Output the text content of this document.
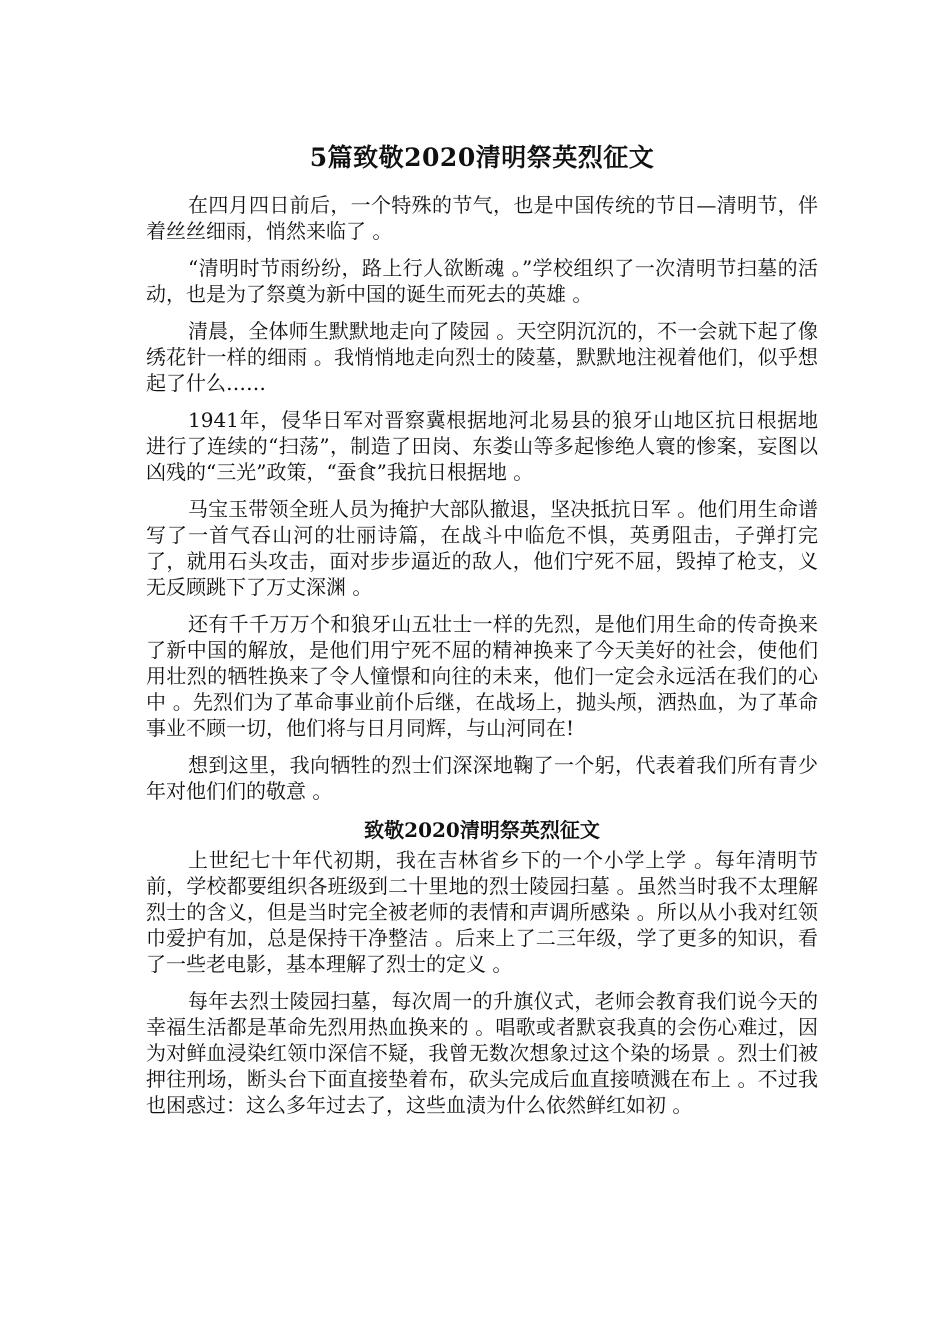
5篇致敬2020清明祭英烈征文

在四月四日前后，一个特殊的节气，也是中国传统的节日—清明节，伴着丝丝细雨，悄然来临了 。

“清明时节雨纷纷，路上行人欲断魂 。”学校组织了一次清明节扫墓的活动，也是为了祭奠为新中国的诞生而死去的英雄 。

清晨，全体师生默默地走向了陵园 。天空阴沉沉的，不一会就下起了像绣花针一样的细雨 。我悄悄地走向烈士的陵墓，默默地注视着他们，似乎想起了什么……

1941年，侵华日军对晋察冀根据地河北易县的狼牙山地区抗日根据地进行了连续的“扫荡”，制造了田岗、东娄山等多起惨绝人寰的惨案，妄图以凶残的“三光”政策，“蚕食”我抗日根据地 。

马宝玉带领全班人员为掩护大部队撤退，坚决抵抗日军 。他们用生命谱写了一首气吞山河的壮丽诗篇，在战斗中临危不惧，英勇阻击，子弹打完了，就用石头攻击，面对步步逼近的敌人，他们宁死不屈，毁掉了枪支，义无反顾跳下了万丈深渊 。

还有千千万万个和狼牙山五壮士一样的先烈，是他们用生命的传奇换来了新中国的解放，是他们用宁死不屈的精神换来了今天美好的社会，使他们用壮烈的牺牲换来了令人憧憬和向往的未来，他们一定会永远活在我们的心中 。先烈们为了革命事业前仆后继，在战场上，抛头颅，洒热血，为了革命事业不顾一切，他们将与日月同辉，与山河同在!

想到这里，我向牺牲的烈士们深深地鞠了一个躬，代表着我们所有青少年对他们们的敬意 。

致敬2020清明祭英烈征文

上世纪七十年代初期，我在吉林省乡下的一个小学上学 。每年清明节前，学校都要组织各班级到二十里地的烈士陵园扫墓 。虽然当时我不太理解烈士的含义，但是当时完全被老师的表情和声调所感染 。所以从小我对红领巾爱护有加，总是保持干净整洁 。后来上了二三年级，学了更多的知识，看了一些老电影，基本理解了烈士的定义 。

每年去烈士陵园扫墓，每次周一的升旗仪式，老师会教育我们说今天的幸福生活都是革命先烈用热血换来的 。唱歌或者默哀我真的会伤心难过，因为对鲜血浸染红领巾深信不疑，我曾无数次想象过这个染的场景 。烈士们被押往刑场，断头台下面直接垫着布，砍头完成后血直接喷溅在布上 。不过我也困惑过：这么多年过去了，这些血渍为什么依然鲜红如初 。
